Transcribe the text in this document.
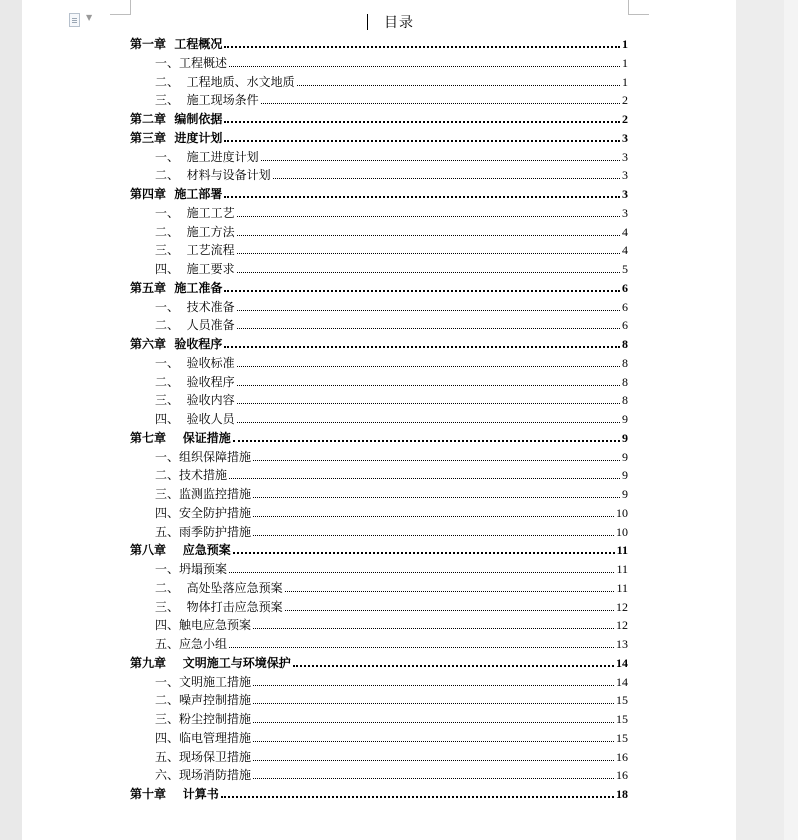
▼	目录
第一章  工程概况	1
一、工程概述	1
二、  工程地质、水文地质	1
三、  施工现场条件	2
第二章  编制依据	2
第三章  进度计划	3
一、  施工进度计划	3
二、  材料与设备计划	3
第四章  施工部署	3
一、  施工工艺	3
二、  施工方法	4
三、  工艺流程	4
四、  施工要求	5
第五章  施工准备	6
一、  技术准备	6
二、  人员准备	6
第六章  验收程序	8
一、  验收标准	8
二、  验收程序	8
三、  验收内容	8
四、  验收人员	9
第七章    保证措施	9
一、组织保障措施	9
二、技术措施	9
三、监测监控措施	9
四、安全防护措施	10
五、雨季防护措施	10
第八章    应急预案	11
一、坍塌预案	11
二、  高处坠落应急预案	11
三、  物体打击应急预案	12
四、触电应急预案	12
五、应急小组	13
第九章    文明施工与环境保护	14
一、文明施工措施	14
二、噪声控制措施	15
三、粉尘控制措施	15
四、临电管理措施	15
五、现场保卫措施	16
六、现场消防措施	16
第十章    计算书	18
